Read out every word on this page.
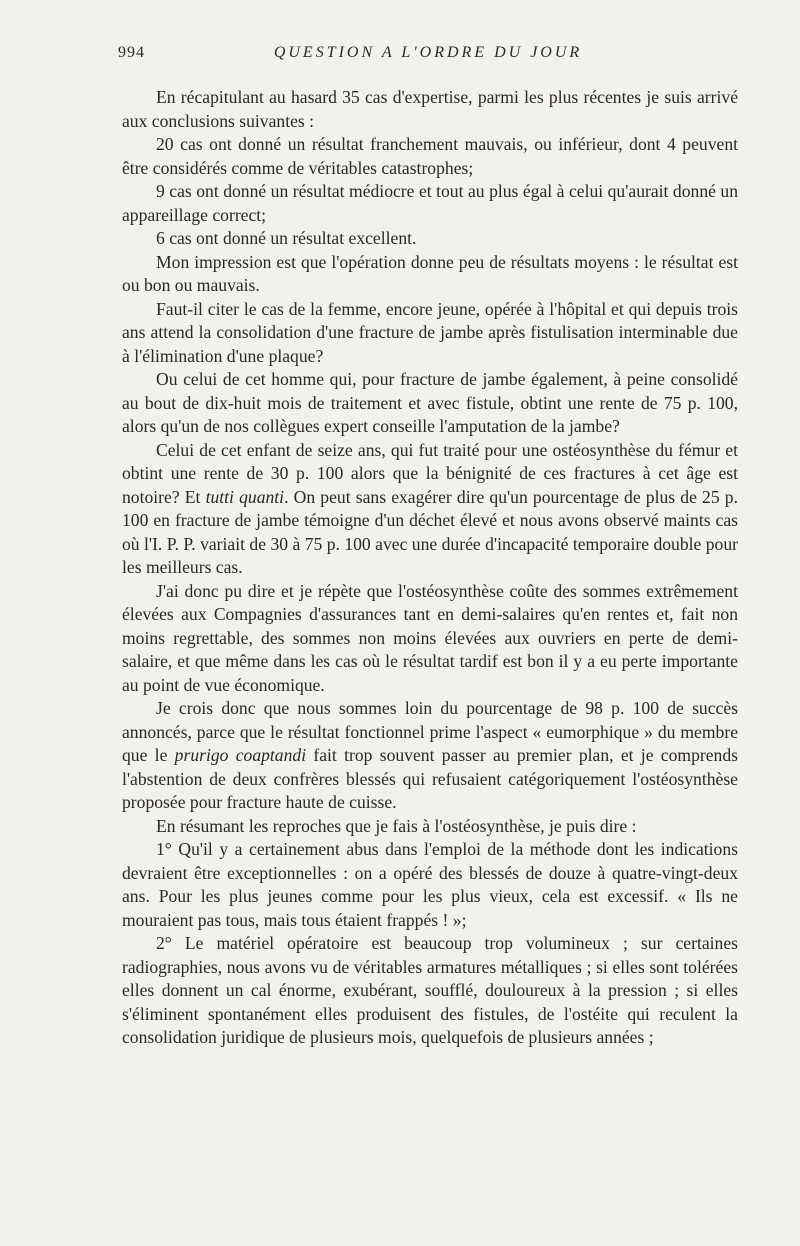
994	QUESTION A L'ORDRE DU JOUR

En récapitulant au hasard 35 cas d'expertise, parmi les plus récentes je suis arrivé aux conclusions suivantes :

20 cas ont donné un résultat franchement mauvais, ou inférieur, dont 4 peuvent être considérés comme de véritables catastrophes;

9 cas ont donné un résultat médiocre et tout au plus égal à celui qu'aurait donné un appareillage correct;

6 cas ont donné un résultat excellent.

Mon impression est que l'opération donne peu de résultats moyens : le résultat est ou bon ou mauvais.

Faut-il citer le cas de la femme, encore jeune, opérée à l'hôpital et qui depuis trois ans attend la consolidation d'une fracture de jambe après fistulisation interminable due à l'élimination d'une plaque?

Ou celui de cet homme qui, pour fracture de jambe également, à peine consolidé au bout de dix-huit mois de traitement et avec fistule, obtint une rente de 75 p. 100, alors qu'un de nos collègues expert conseille l'amputation de la jambe?

Celui de cet enfant de seize ans, qui fut traité pour une ostéosynthèse du fémur et obtint une rente de 30 p. 100 alors que la bénignité de ces fractures à cet âge est notoire? Et tutti quanti. On peut sans exagérer dire qu'un pourcentage de plus de 25 p. 100 en fracture de jambe témoigne d'un déchet élevé et nous avons observé maints cas où l'I. P. P. variait de 30 à 75 p. 100 avec une durée d'incapacité temporaire double pour les meilleurs cas.

J'ai donc pu dire et je répète que l'ostéosynthèse coûte des sommes extrêmement élevées aux Compagnies d'assurances tant en demi-salaires qu'en rentes et, fait non moins regrettable, des sommes non moins élevées aux ouvriers en perte de demi-salaire, et que même dans les cas où le résultat tardif est bon il y a eu perte importante au point de vue économique.

Je crois donc que nous sommes loin du pourcentage de 98 p. 100 de succès annoncés, parce que le résultat fonctionnel prime l'aspect « eumorphique » du membre que le prurigo coaptandi fait trop souvent passer au premier plan, et je comprends l'abstention de deux confrères blessés qui refusaient catégoriquement l'ostéosynthèse proposée pour fracture haute de cuisse.

En résumant les reproches que je fais à l'ostéosynthèse, je puis dire :

1° Qu'il y a certainement abus dans l'emploi de la méthode dont les indications devraient être exceptionnelles : on a opéré des blessés de douze à quatre-vingt-deux ans. Pour les plus jeunes comme pour les plus vieux, cela est excessif. « Ils ne mouraient pas tous, mais tous étaient frappés ! »;

2° Le matériel opératoire est beaucoup trop volumineux ; sur certaines radiographies, nous avons vu de véritables armatures métalliques ; si elles sont tolérées elles donnent un cal énorme, exubérant, soufflé, douloureux à la pression ; si elles s'éliminent spontanément elles produisent des fistules, de l'ostéite qui reculent la consolidation juridique de plusieurs mois, quelquefois de plusieurs années ;
